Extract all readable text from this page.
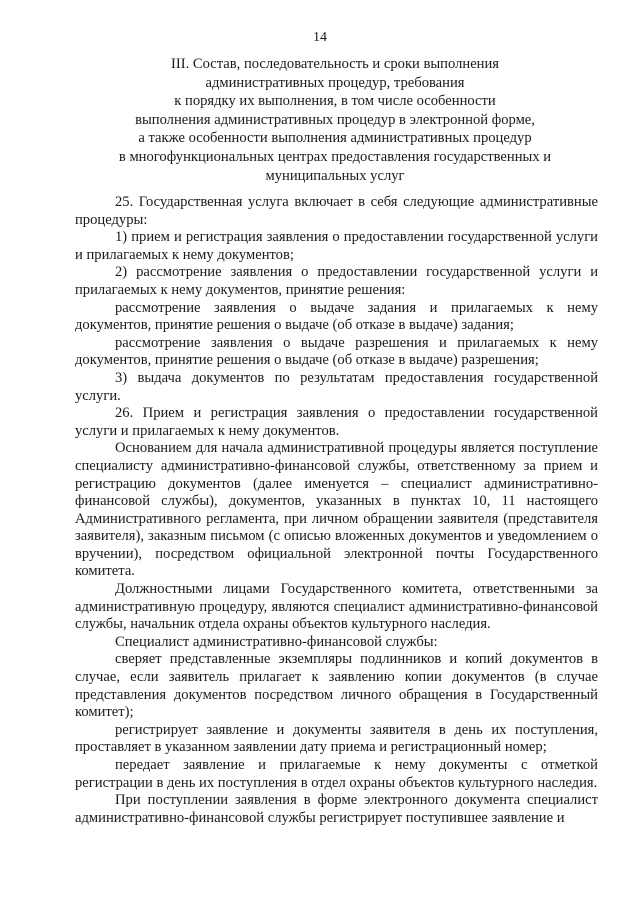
14
III. Состав, последовательность и сроки выполнения
административных процедур, требования
к порядку их выполнения, в том числе особенности
выполнения административных процедур в электронной форме,
а также особенности выполнения административных процедур
в многофункциональных центрах предоставления государственных и
муниципальных услуг

25. Государственная услуга включает в себя следующие административные процедуры:

1) прием и регистрация заявления о предоставлении государственной услуги и прилагаемых к нему документов;

2) рассмотрение заявления о предоставлении государственной услуги и прилагаемых к нему документов, принятие решения:

рассмотрение заявления о выдаче задания и прилагаемых к нему документов, принятие решения о выдаче (об отказе в выдаче) задания;

рассмотрение заявления о выдаче разрешения и прилагаемых к нему документов, принятие решения о выдаче (об отказе в выдаче) разрешения;

3) выдача документов по результатам предоставления государственной услуги.

26. Прием и регистрация заявления о предоставлении государственной услуги и прилагаемых к нему документов.

Основанием для начала административной процедуры является поступление специалисту административно-финансовой службы, ответственному за прием и регистрацию документов (далее именуется – специалист административно-финансовой службы), документов, указанных в пунктах 10, 11 настоящего Административного регламента, при личном обращении заявителя (представителя заявителя), заказным письмом (с описью вложенных документов и уведомлением о вручении), посредством официальной электронной почты Государственного комитета.

Должностными лицами Государственного комитета, ответственными за административную процедуру, являются специалист административно-финансовой службы, начальник отдела охраны объектов культурного наследия.

Специалист административно-финансовой службы:

сверяет представленные экземпляры подлинников и копий документов в случае, если заявитель прилагает к заявлению копии документов (в случае представления документов посредством личного обращения в Государственный комитет);

регистрирует заявление и документы заявителя в день их поступления, проставляет в указанном заявлении дату приема и регистрационный номер;

передает заявление и прилагаемые к нему документы с отметкой регистрации в день их поступления в отдел охраны объектов культурного наследия.

При поступлении заявления в форме электронного документа специалист административно-финансовой службы регистрирует поступившее заявление и
